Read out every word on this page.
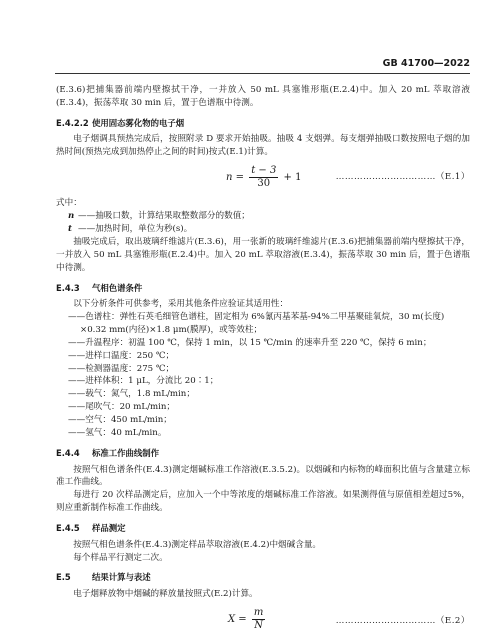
GB 41700—2022

(E.3.6)把捕集器前端内壁擦拭干净，一并放入 50 mL 具塞锥形瓶(E.2.4)中。加入 20 mL 萃取溶液(E.3.4)，振荡萃取 30 min 后，置于色谱瓶中待测。

E.4.2.2 使用固态雾化物的电子烟

电子烟调具预热完成后，按照附录 D 要求开始抽吸。抽吸 4 支烟弹。每支烟弹抽吸口数按照电子烟的加热时间(预热完成到加热停止之间的时间)按式(E.1)计算。

$n = \frac{t - 3}{30} + 1$	……………………………（E.1）

式中：

n ——抽吸口数，计算结果取整数部分的数值；
t ——加热时间，单位为秒(s)。

抽吸完成后，取出玻璃纤维滤片(E.3.6)，用一张新的玻璃纤维滤片(E.3.6)把捕集器前端内壁擦拭干净，一并放入 50 mL 具塞锥形瓶(E.2.4)中。加入 20 mL 萃取溶液(E.3.4)，振荡萃取 30 min 后，置于色谱瓶中待测。

E.4.3 气相色谱条件

以下分析条件可供参考，采用其他条件应验证其适用性：

——色谱柱：弹性石英毛细管色谱柱，固定相为 6%氰丙基苯基-94%二甲基聚硅氧烷，30 m(长度)

×0.32 mm(内径)×1.8 μm(膜厚)，或等效柱；

——升温程序：初温 100 ℃，保持 1 min，以 15 ℃/min 的速率升至 220 ℃，保持 6 min；

——进样口温度：250 ℃；

——检测器温度：275 ℃；

——进样体积：1 μL，分流比 20∶1；

——载气：氮气，1.8 mL/min；

——尾吹气：20 mL/min；

——空气：450 mL/min；

——氢气：40 mL/min。

E.4.4 标准工作曲线制作

按照气相色谱条件(E.4.3)测定烟碱标准工作溶液(E.3.5.2)。以烟碱和内标物的峰面积比值与含量建立标准工作曲线。

每进行 20 次样品测定后，应加入一个中等浓度的烟碱标准工作溶液。如果测得值与原值相差超过5%，则应重新制作标准工作曲线。

E.4.5 样品测定

按照气相色谱条件(E.4.3)测定样品萃取溶液(E.4.2)中烟碱含量。

每个样品平行测定二次。

E.5	结果计算与表述

电子烟释放物中烟碱的释放量按照式(E.2)计算。

$X = \frac{m}{N}$	……………………………（E.2）
